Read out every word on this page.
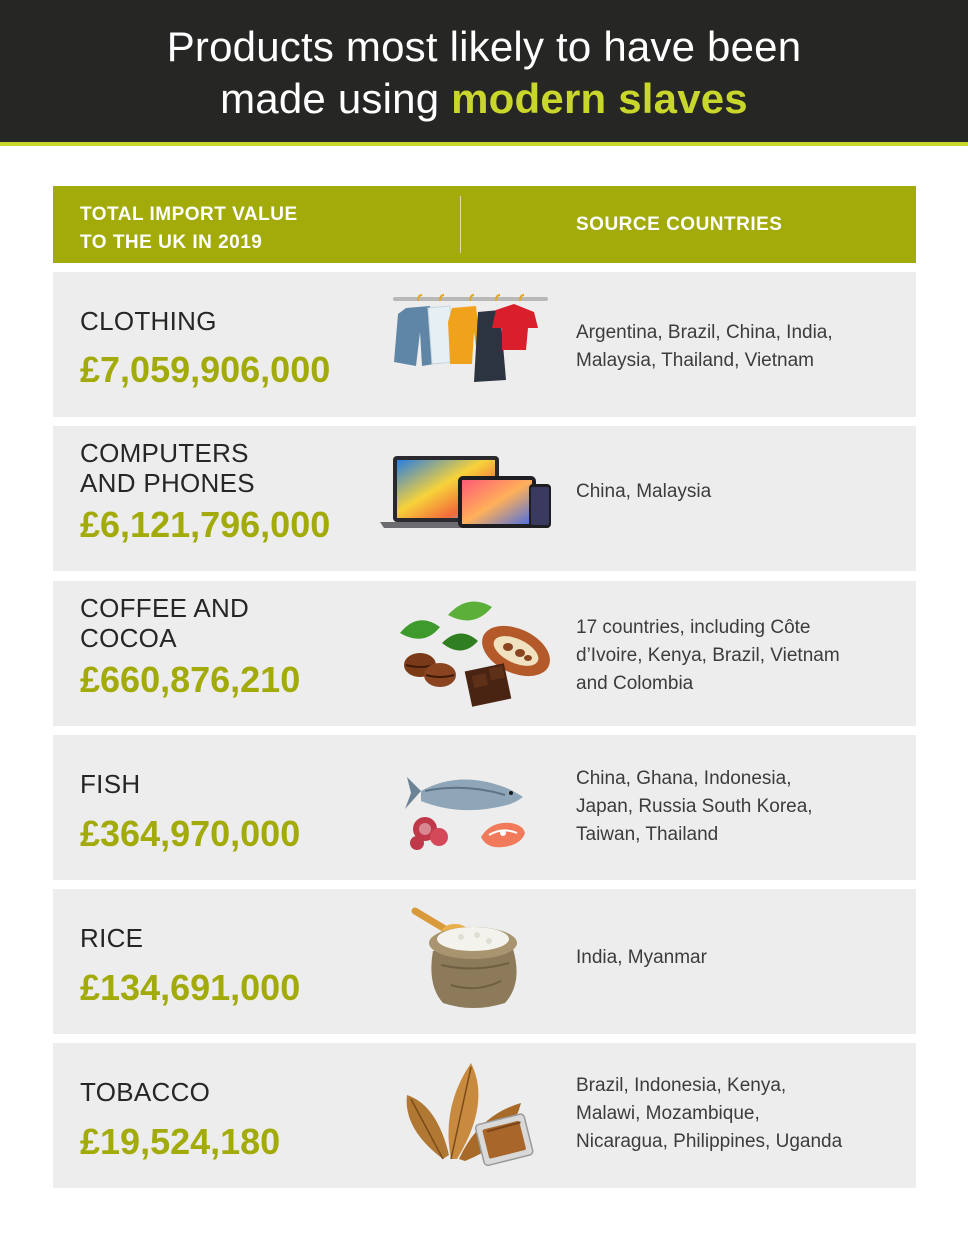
Products most likely to have been
made using modern slaves
TOTAL IMPORT VALUE
TO THE UK IN 2019
SOURCE COUNTRIES
CLOTHING
£7,059,906,000
Argentina, Brazil, China, India,
Malaysia, Thailand, Vietnam
COMPUTERS
AND PHONES
£6,121,796,000
China, Malaysia
COFFEE AND
COCOA
£660,876,210
17 countries, including Côte
d’Ivoire, Kenya, Brazil, Vietnam
and Colombia
FISH
£364,970,000
China, Ghana, Indonesia,
Japan, Russia South Korea,
Taiwan, Thailand
RICE
£134,691,000
India, Myanmar
TOBACCO
£19,524,180
Brazil, Indonesia, Kenya,
Malawi, Mozambique,
Nicaragua, Philippines, Uganda
